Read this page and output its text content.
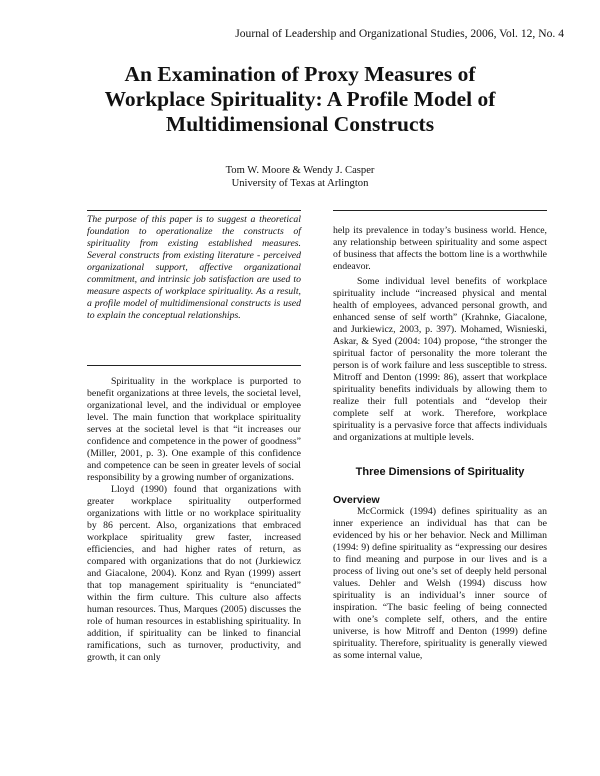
Journal of Leadership and Organizational Studies, 2006, Vol. 12, No. 4
An Examination of Proxy Measures of
Workplace Spirituality: A Profile Model of
Multidimensional Constructs
Tom W. Moore & Wendy J. Casper
University of Texas at Arlington
The purpose of this paper is to suggest a theoretical foundation to operationalize the constructs of spirituality from existing established measures. Several constructs from existing literature - perceived organizational support, affective organizational commitment, and intrinsic job satisfaction are used to measure aspects of workplace spirituality. As a result, a profile model of multidimensional constructs is used to explain the conceptual relationships.

Spirituality in the workplace is purported to benefit organizations at three levels, the societal level, organizational level, and the individual or employee level. The main function that workplace spirituality serves at the societal level is that “it increases our confidence and competence in the power of goodness” (Miller, 2001, p. 3). One example of this confidence and competence can be seen in greater levels of social responsibility by a growing number of organizations.

Lloyd (1990) found that organizations with greater workplace spirituality outperformed organizations with little or no workplace spirituality by 86 percent. Also, organizations that embraced workplace spirituality grew faster, increased efficiencies, and had higher rates of return, as compared with organizations that do not (Jurkiewicz and Giacalone, 2004). Konz and Ryan (1999) assert that top management spirituality is “enunciated” within the firm culture. This culture also affects human resources. Thus, Marques (2005) discusses the role of human resources in establishing spirituality. In addition, if spirituality can be linked to financial ramifications, such as turnover, productivity, and growth, it can only

help its prevalence in today’s business world. Hence, any relationship between spirituality and some aspect of business that affects the bottom line is a worthwhile endeavor.

Some individual level benefits of workplace spirituality include “increased physical and mental health of employees, advanced personal growth, and enhanced sense of self worth” (Krahnke, Giacalone, and Jurkiewicz, 2003, p. 397). Mohamed, Wisnieski, Askar, & Syed (2004: 104) propose, “the stronger the spiritual factor of personality the more tolerant the person is of work failure and less susceptible to stress. Mitroff and Denton (1999: 86), assert that workplace spirituality benefits individuals by allowing them to realize their full potentials and “develop their complete self at work. Therefore, workplace spirituality is a pervasive force that affects individuals and organizations at multiple levels.

Three Dimensions of Spirituality
Overview

McCormick (1994) defines spirituality as an inner experience an individual has that can be evidenced by his or her behavior. Neck and Milliman (1994: 9) define spirituality as “expressing our desires to find meaning and purpose in our lives and is a process of living out one’s set of deeply held personal values. Dehler and Welsh (1994) discuss how spirituality is an individual’s inner source of inspiration. “The basic feeling of being connected with one’s complete self, others, and the entire universe, is how Mitroff and Denton (1999) define spirituality. Therefore, spirituality is generally viewed as some internal value,
